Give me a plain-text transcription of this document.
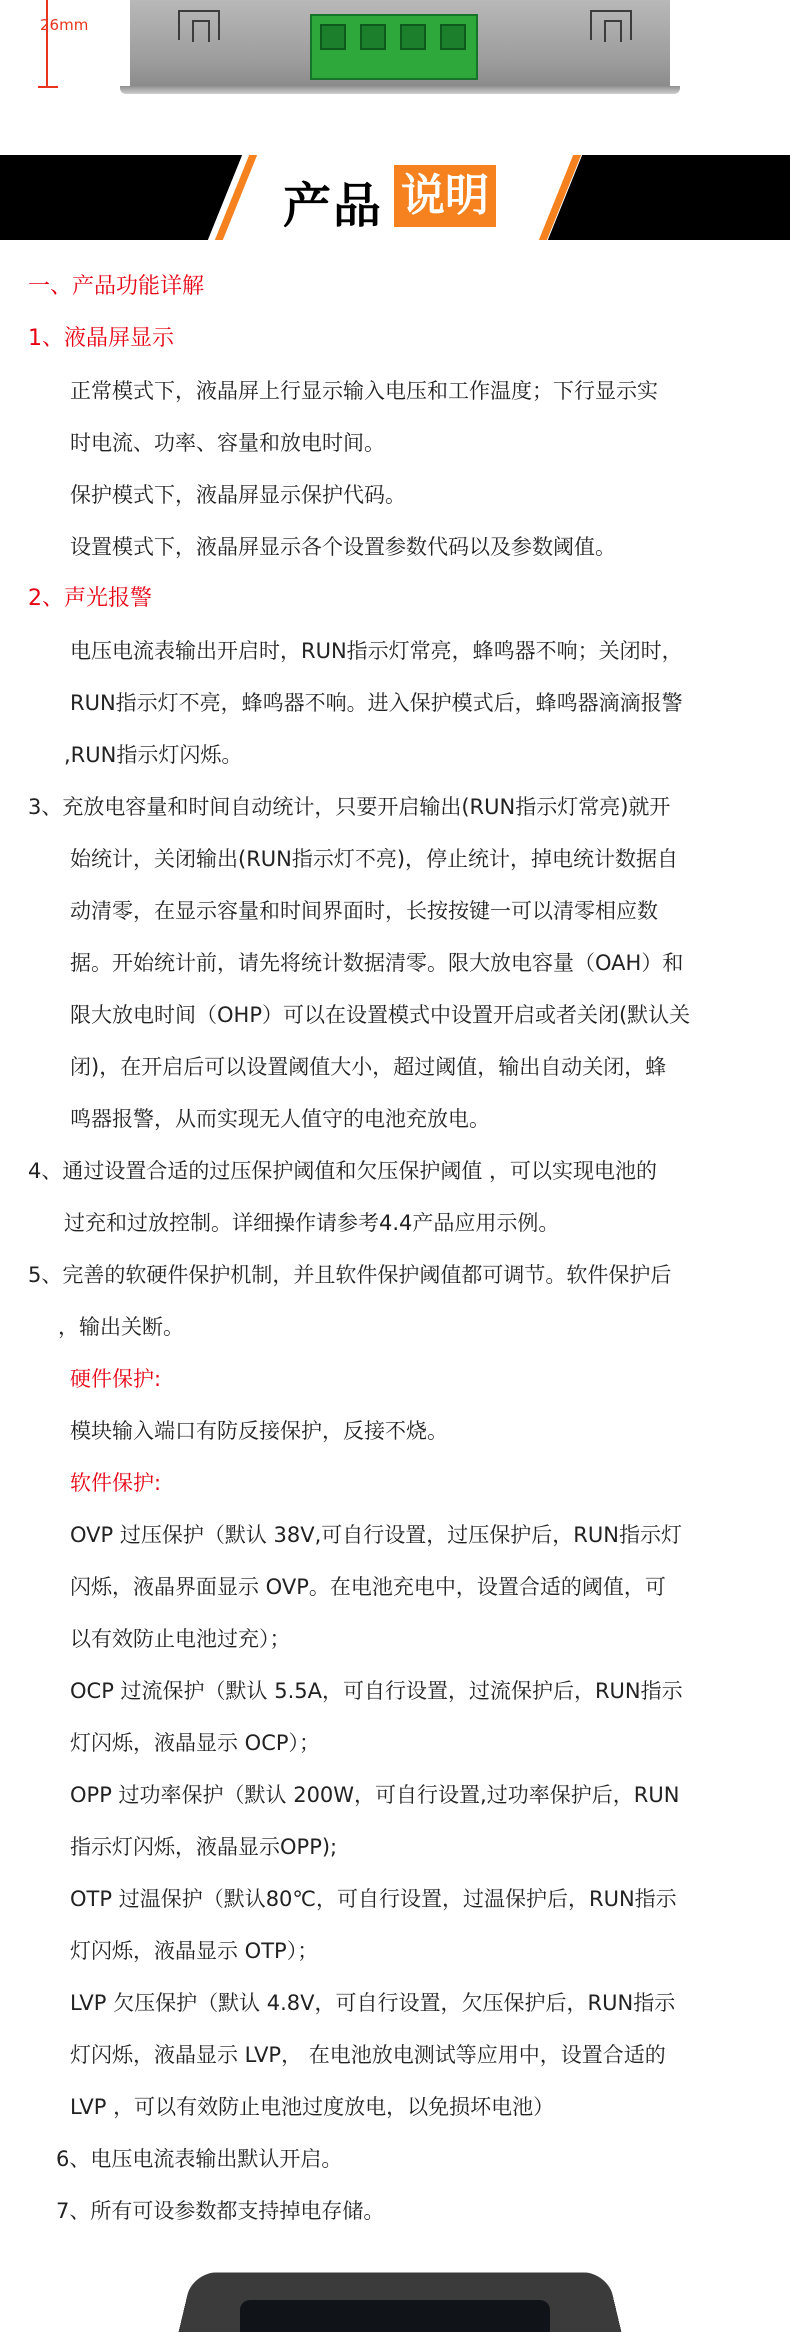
26mm
产品 说明
一、产品功能详解
1、液晶屏显示
正常模式下，液晶屏上行显示输入电压和工作温度；下行显示实
时电流、功率、容量和放电时间。
保护模式下，液晶屏显示保护代码。
设置模式下，液晶屏显示各个设置参数代码以及参数阈值。
2、声光报警
电压电流表输出开启时，RUN指示灯常亮，蜂鸣器不响；关闭时，
RUN指示灯不亮，蜂鸣器不响。进入保护模式后，蜂鸣器滴滴报警
,RUN指示灯闪烁。
3、充放电容量和时间自动统计，只要开启输出(RUN指示灯常亮)就开
始统计，关闭输出(RUN指示灯不亮)，停止统计，掉电统计数据自
动清零，在显示容量和时间界面时，长按按键一可以清零相应数
据。开始统计前，请先将统计数据清零。限大放电容量（OAH）和
限大放电时间（OHP）可以在设置模式中设置开启或者关闭(默认关
闭)，在开启后可以设置阈值大小，超过阈值，输出自动关闭，蜂
鸣器报警，从而实现无人值守的电池充放电。
4、通过设置合适的过压保护阈值和欠压保护阈值 ，可以实现电池的
过充和过放控制。详细操作请参考4.4产品应用示例。
5、完善的软硬件保护机制，并且软件保护阈值都可调节。软件保护后
，输出关断。
硬件保护:
模块输入端口有防反接保护，反接不烧。
软件保护:
OVP 过压保护（默认 38V,可自行设置，过压保护后，RUN指示灯
闪烁，液晶界面显示 OVP。在电池充电中，设置合适的阈值，可
以有效防止电池过充）；
OCP 过流保护（默认 5.5A，可自行设置，过流保护后，RUN指示
灯闪烁，液晶显示 OCP）；
OPP 过功率保护（默认 200W，可自行设置,过功率保护后，RUN
指示灯闪烁，液晶显示OPP);
OTP 过温保护（默认80℃，可自行设置，过温保护后，RUN指示
灯闪烁，液晶显示 OTP）；
LVP 欠压保护（默认 4.8V，可自行设置，欠压保护后，RUN指示
灯闪烁，液晶显示 LVP， 在电池放电测试等应用中，设置合适的
LVP ，可以有效防止电池过度放电，以免损坏电池）
6、电压电流表输出默认开启。
7、所有可设参数都支持掉电存储。
